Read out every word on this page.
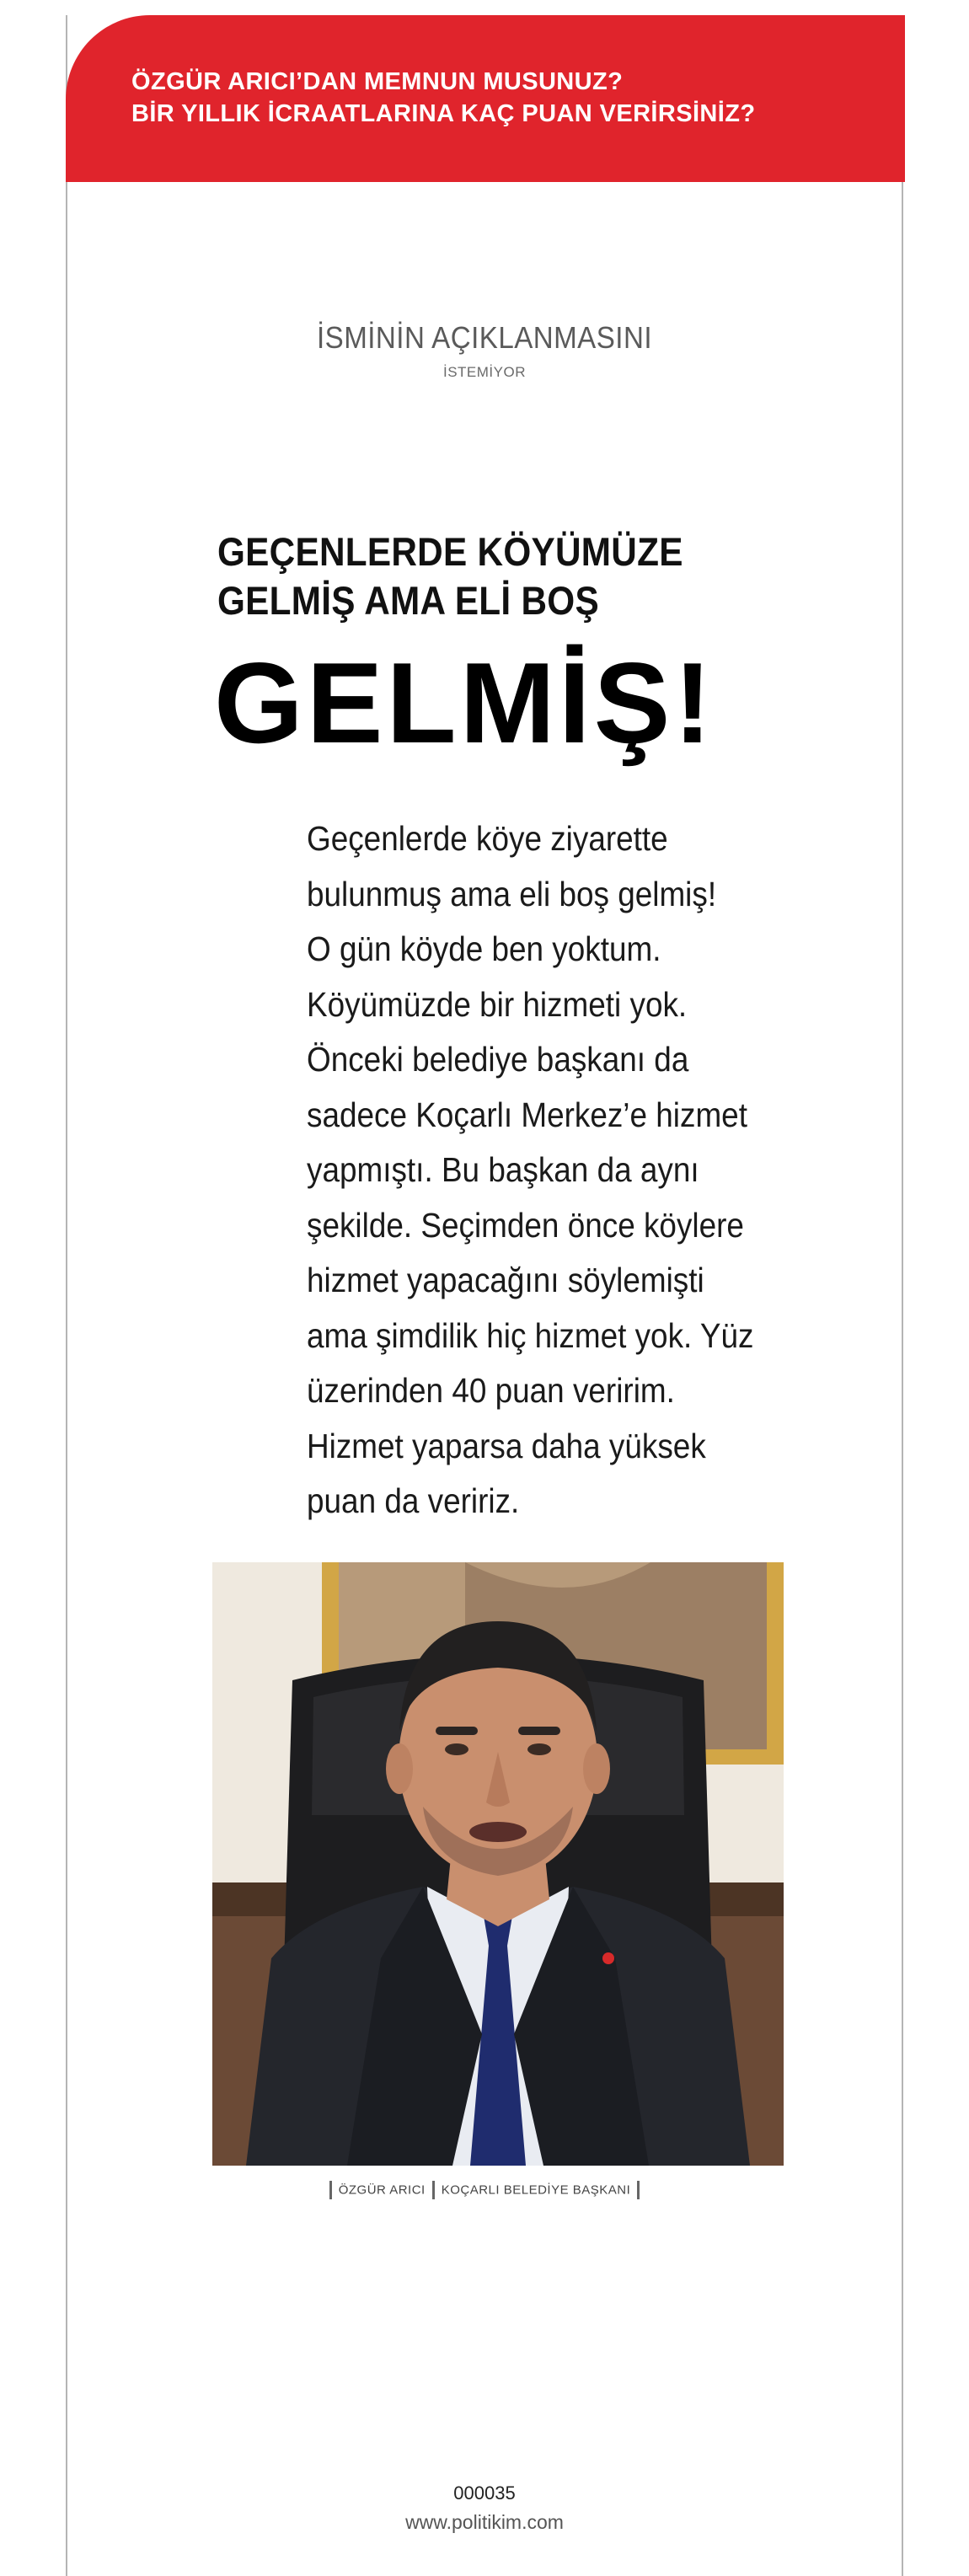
ÖZGÜR ARICI’DAN MEMNUN MUSUNUZ?
BİR YILLIK İCRAATLARINA KAÇ PUAN VERİRSİNİZ?
İSMİNİN AÇIKLANMASINI
İSTEMİYOR
GEÇENLERDE KÖYÜMÜZE
GELMİŞ AMA ELİ BOŞ
GELMİŞ!
Geçenlerde köye ziyarette
bulunmuş ama eli boş gelmiş!
O gün köyde ben yoktum.
Köyümüzde bir hizmeti yok.
Önceki belediye başkanı da
sadece Koçarlı Merkez’e hizmet
yapmıştı. Bu başkan da aynı
şekilde. Seçimden önce köylere
hizmet yapacağını söylemişti
ama şimdilik hiç hizmet yok. Yüz
üzerinden 40 puan veririm.
Hizmet yaparsa daha yüksek
puan da veririz.
ÖZGÜR ARICI KOÇARLI BELEDİYE BAŞKANI
000035
www.politikim.com
